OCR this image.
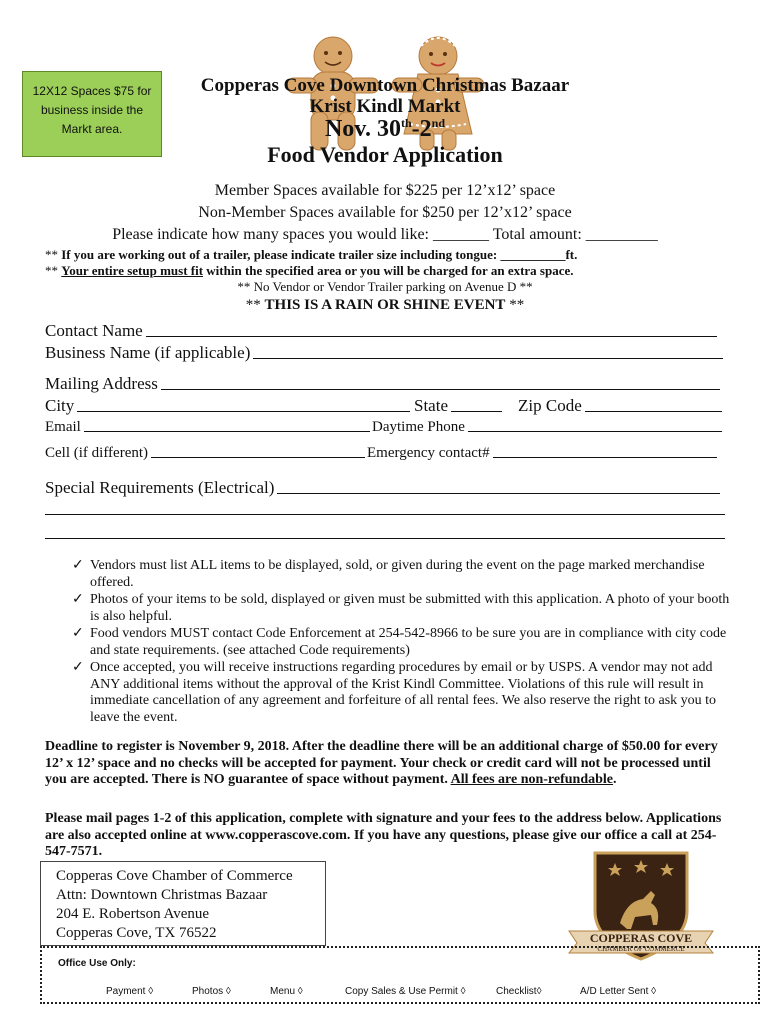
12X12 Spaces $75 for
business inside the
Markt area.
Copperas Cove Downtown Christmas Bazaar
Krist Kindl Markt
Nov. 30th-2nd
Food Vendor Application
Member Spaces available for $225 per 12’x12’ space
Non-Member Spaces available for $250 per 12’x12’ space
Please indicate how many spaces you would like: _______ Total amount: _________
** If you are working out of a trailer, please indicate trailer size including tongue: __________ft.
** Your entire setup must fit within the specified area or you will be charged for an extra space.
** No Vendor or Vendor Trailer parking on Avenue D **
** THIS IS A RAIN OR SHINE EVENT **
Contact Name
Business Name (if applicable)
Mailing Address
City	State	Zip Code
Email	Daytime Phone
Cell (if different)	Emergency contact#
Special Requirements (Electrical)
✓ Vendors must list ALL items to be displayed, sold, or given during the event on the page marked merchandise offered.
✓ Photos of your items to be sold, displayed or given must be submitted with this application. A photo of your booth is also helpful.
✓ Food vendors MUST contact Code Enforcement at 254-542-8966 to be sure you are in compliance with city code and state requirements. (see attached Code requirements)
✓ Once accepted, you will receive instructions regarding procedures by email or by USPS. A vendor may not add ANY additional items without the approval of the Krist Kindl Committee. Violations of this rule will result in immediate cancellation of any agreement and forfeiture of all rental fees. We also reserve the right to ask you to leave the event.
Deadline to register is November 9, 2018. After the deadline there will be an additional charge of $50.00 for every 12’ x 12’ space and no checks will be accepted for payment. Your check or credit card will not be processed until you are accepted. There is NO guarantee of space without payment. All fees are non-refundable.
Please mail pages 1-2 of this application, complete with signature and your fees to the address below. Applications are also accepted online at www.copperascove.com. If you have any questions, please give our office a call at 254-547-7571.
Copperas Cove Chamber of Commerce
Attn: Downtown Christmas Bazaar
204 E. Robertson Avenue
Copperas Cove, TX 76522	COPPERAS COVE
CHAMBER OF COMMERCE
Office Use Only:
Payment ◊	Photos ◊	Menu ◊	Copy Sales & Use Permit ◊	Checklist◊	A/D Letter Sent ◊
